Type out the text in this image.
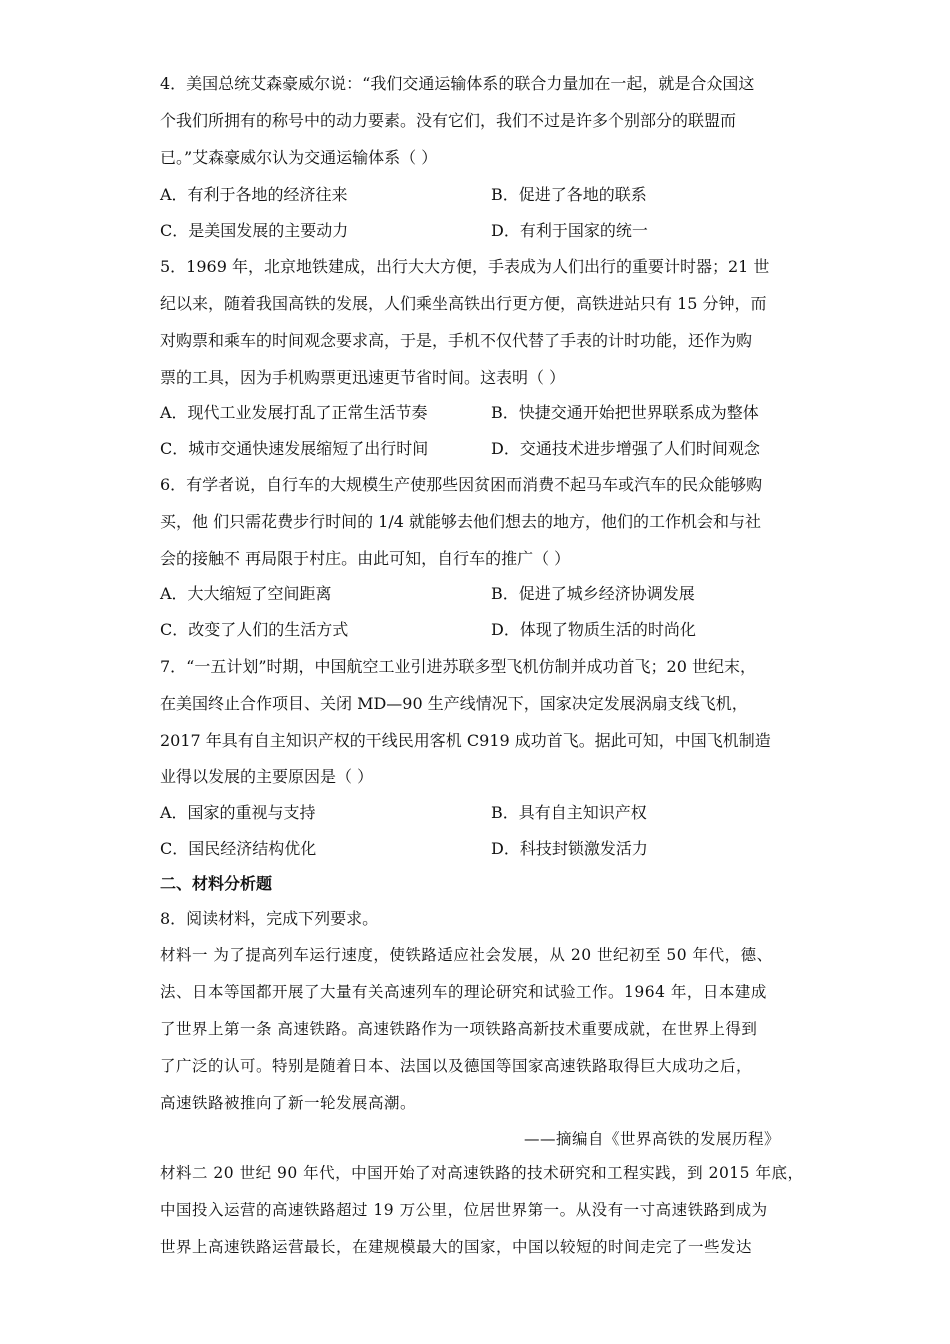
4．美国总统艾森豪威尔说：“我们交通运输体系的联合力量加在一起，就是合众国这
个我们所拥有的称号中的动力要素。没有它们，我们不过是许多个别部分的联盟而
已。”艾森豪威尔认为交通运输体系（ ）
A．有利于各地的经济往来	B．促进了各地的联系
C．是美国发展的主要动力	D．有利于国家的统一
5．1969 年，北京地铁建成，出行大大方便，手表成为人们出行的重要计时器；21 世
纪以来，随着我国高铁的发展，人们乘坐高铁出行更方便，高铁进站只有 15 分钟，而
对购票和乘车的时间观念要求高，于是，手机不仅代替了手表的计时功能，还作为购
票的工具，因为手机购票更迅速更节省时间。这表明（ ）
A．现代工业发展打乱了正常生活节奏	B．快捷交通开始把世界联系成为整体
C．城市交通快速发展缩短了出行时间	D．交通技术进步增强了人们时间观念
6．有学者说，自行车的大规模生产使那些因贫困而消费不起马车或汽车的民众能够购
买，他 们只需花费步行时间的 1/4 就能够去他们想去的地方，他们的工作机会和与社
会的接触不 再局限于村庄。由此可知，自行车的推广（ ）
A．大大缩短了空间距离	B．促进了城乡经济协调发展
C．改变了人们的生活方式	D．体现了物质生活的时尚化
7．“一五计划”时期，中国航空工业引进苏联多型飞机仿制并成功首飞；20 世纪末，
在美国终止合作项目、关闭 MD—90 生产线情况下，国家决定发展涡扇支线飞机，
2017 年具有自主知识产权的干线民用客机 C919 成功首飞。据此可知，中国飞机制造
业得以发展的主要原因是（ ）
A．国家的重视与支持	B．具有自主知识产权
C．国民经济结构优化	D．科技封锁激发活力
二、材料分析题
8．阅读材料，完成下列要求。
材料一 为了提高列车运行速度，使铁路适应社会发展，从 20 世纪初至 50 年代，德、
法、日本等国都开展了大量有关高速列车的理论研究和试验工作。1964 年，日本建成
了世界上第一条 高速铁路。高速铁路作为一项铁路高新技术重要成就，在世界上得到
了广泛的认可。特别是随着日本、法国以及德国等国家高速铁路取得巨大成功之后，
高速铁路被推向了新一轮发展高潮。
——摘编自《世界高铁的发展历程》
材料二 20 世纪 90 年代，中国开始了对高速铁路的技术研究和工程实践，到 2015 年底，
中国投入运营的高速铁路超过 19 万公里，位居世界第一。从没有一寸高速铁路到成为
世界上高速铁路运营最长，在建规模最大的国家，中国以较短的时间走完了一些发达
